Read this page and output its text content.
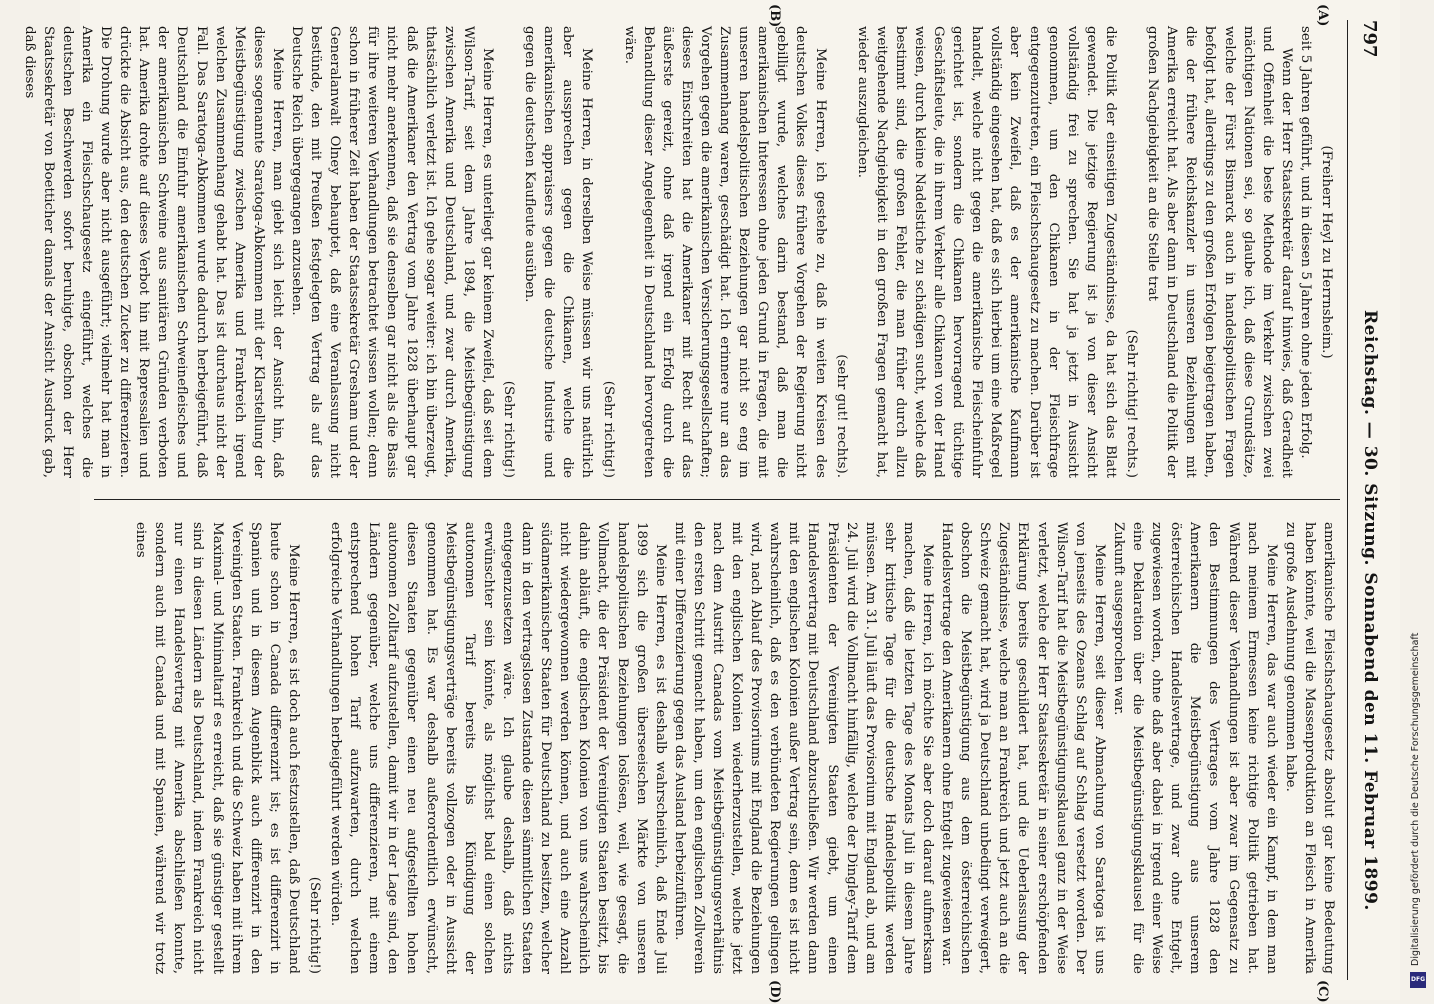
797
Reichstag. — 30. Sitzung. Sonnabend den 11. Februar 1899.
(A)
(B)
(C)
(D)

(Freiherr Heyl zu Herrnsheim.)

seit 5 Jahren geführt, und in diesen 5 Jahren ohne jeden Erfolg.

Wenn der Herr Staatssekretär darauf hinwies, daß Geradheit und Offenheit die beste Methode im Verkehr zwischen zwei mächtigen Nationen sei, so glaube ich, daß diese Grundsätze, welche der Fürst Bismarck auch in handelspolitischen Fragen befolgt hat, allerdings zu den großen Erfolgen beigetragen haben, die der frühere Reichskanzler in unseren Beziehungen mit Amerika erreicht hat. Als aber dann in Deutschland die Politik der großen Nachgiebigkeit an die Stelle trat

(Sehr richtig! rechts.)

die Politik der einseitigen Zugeständnisse, da hat sich das Blatt gewendet. Die jetzige Regierung ist ja von dieser Ansicht vollständig frei zu sprechen. Sie hat ja jetzt in Aussicht genommen, um den Chikanen in der Fleischfrage entgegenzutreten, ein Fleischschaugesetz zu machen. Darüber ist aber kein Zweifel, daß es der amerikanische Kaufmann vollständig eingesehen hat, daß es sich hierbei um eine Maßregel handelt, welche nicht gegen die amerikanische Fleischeinfuhr gerichtet ist, sondern die Chikanen hervorragend tüchtige Geschäftsleute, die in ihrem Verkehr alle Chikanen von der Hand weisen, durch kleine Nadelstiche zu schädigen sucht, welche daß bestimmt sind, die großen Fehler, die man früher durch allzu weitgehende Nachgiebigkeit in den großen Fragen gemacht hat, wieder auszugleichen.

(sehr gut! rechts).

Meine Herren, ich gestehe zu, daß in weiten Kreisen des deutschen Volkes dieses frühere Vorgehen der Regierung nicht gebilligt wurde, welches darin bestand, daß man die amerikanischen Interessen ohne jeden Grund in Fragen, die mit unseren handelspolitischen Beziehungen gar nicht so eng im Zusammenhang waren, geschädigt hat. Ich erinnere nur an das Vorgehen gegen die amerikanischen Versicherungsgesellschaften; dieses Einschreiten hat die Amerikaner mit Recht auf das äußerste gereizt, ohne daß irgend ein Erfolg durch die Behandlung dieser Angelegenheit in Deutschland hervorgetreten wäre.

(Sehr richtig!)

Meine Herren, in derselben Weise müssen wir uns natürlich aber aussprechen gegen die Chikanen, welche die amerikanischen appraisers gegen die deutsche Industrie und gegen die deutschen Kaufleute ausüben.

(Sehr richtig!)

Meine Herren, es unterliegt gar keinem Zweifel, daß seit dem Wilson-Tarif, seit dem Jahre 1894, die Meistbegünstigung zwischen Amerika und Deutschland, und zwar durch Amerika, thatsächlich verletzt ist. Ich gehe sogar weiter: ich bin überzeugt, daß die Amerikaner den Vertrag vom Jahre 1828 überhaupt gar nicht mehr anerkennen, daß sie denselben gar nicht als die Basis für ihre weiteren Verhandlungen betrachtet wissen wollen; denn schon in früherer Zeit haben der Staatssekretär Gresham und der Generalanwalt Olney behauptet, daß eine Veranlassung nicht bestünde, den mit Preußen festgelegten Vertrag als auf das Deutsche Reich übergegangen anzusehen.

Meine Herren, man giebt sich leicht der Ansicht hin, daß dieses sogenannte Saratoga-Abkommen mit der Klarstellung der Meistbegünstigung zwischen Amerika und Frankreich irgend welchen Zusammenhang gehabt hat. Das ist durchaus nicht der Fall. Das Saratoga-Abkommen wurde dadurch herbeigeführt, daß Deutschland die Einfuhr amerikanischen Schweinefleisches und der amerikanischen Schweine aus sanitären Gründen verboten hat. Amerika drohte auf dieses Verbot hin mit Repressalien und drückte die Absicht aus, den deutschen Zucker zu differenzieren. Die Drohung wurde aber nicht ausgeführt; vielmehr hat man in Amerika ein Fleischschaugesetz eingeführt, welches die deutschen Beschwerden sofort beruhigte, obschon der Herr Staatssekretär von Boetticher damals der Ansicht Ausdruck gab, daß dieses

amerikanische Fleischschaugesetz absolut gar keine Bedeutung haben könnte, weil die Massenproduktion an Fleisch in Amerika zu große Ausdehnung genommen habe.

Meine Herren, das war auch wieder ein Kampf, in dem man nach meinem Ermessen keine richtige Politik getrieben hat. Während dieser Verhandlungen ist aber zwar im Gegensatz zu den Bestimmungen des Vertrages vom Jahre 1828 den Amerikanern die Meistbegünstigung aus unserem österreichischen Handelsvertrage, und zwar ohne Entgelt, zugewiesen worden, ohne daß aber dabei in irgend einer Weise eine Deklaration über die Meistbegünstigungsklausel für die Zukunft ausgesprochen war.

Meine Herren, seit dieser Abmachung von Saratoga ist uns von jenseits des Ozeans Schlag auf Schlag versetzt worden. Der Wilson-Tarif hat die Meistbegünstigungsklausel ganz in der Weise verletzt, welche der Herr Staatssekretär in seiner erschöpfenden Erklärung bereits geschildert hat, und die Ueberlassung der Zugeständnisse, welche man an Frankreich und jetzt auch an die Schweiz gemacht hat, wird ja Deutschland unbedingt verweigert, obschon die Meistbegünstigung aus dem österreichischen Handelsvertrage den Amerikanern ohne Entgelt zugewiesen war.

Meine Herren, ich möchte Sie aber doch darauf aufmerksam machen, daß die letzten Tage des Monats Juli in diesem Jahre sehr kritische Tage für die deutsche Handelspolitik werden müssen. Am 31. Juli läuft das Provisorium mit England ab, und am 24. Juli wird die Vollmacht hinfällig, welche der Dingley-Tarif dem Präsidenten der Vereinigten Staaten giebt, um einen Handelsvertrag mit Deutschland abzuschließen. Wir werden dann mit den englischen Kolonien außer Vertrag sein, denn es ist nicht wahrscheinlich, daß es den verbündeten Regierungen gelingen wird, nach Ablauf des Provisoriums mit England die Beziehungen mit den englischen Kolonien wiederherzustellen, welche jetzt nach dem Austritt Canadas vom Meistbegünstigungsverhältnis den ersten Schritt gemacht haben, um den englischen Zollverein mit einer Differenzierung gegen das Ausland herbeizuführen.

Meine Herren, es ist deshalb wahrscheinlich, daß Ende Juli 1899 sich die großen überseeischen Märkte von unseren handelspolitischen Beziehungen loslösen, weil, wie gesagt, die Vollmacht, die der Präsident der Vereinigten Staaten besitzt, bis dahin abläuft, die englischen Kolonien von uns wahrscheinlich nicht wiedergewonnen werden können, und auch eine Anzahl südamerikanischer Staaten für Deutschland zu besitzen, welcher dann in den vertragslosen Zustande diesen sämmtlichen Staaten entgegenzusetzen wäre. Ich glaube deshalb, daß nichts erwünschter sein könnte, als möglichst bald einen solchen autonomen Tarif bereits bis Kündigung der Meistbegünstigungsverträge bereits vollzogen oder in Aussicht genommen hat. Es war deshalb außerordentlich erwünscht, diesen Staaten gegenüber einen neu aufgestellten hohen autonomen Zolltarif aufzustellen, damit wir in der Lage sind, den Ländern gegenüber, welche uns differenzieren, mit einem entsprechend hohen Tarif aufzuwarten, durch welchen erfolgreiche Verhandlungen herbeigeführt werden würden.

(Sehr richtig!)

Meine Herren, es ist doch auch festzustellen, daß Deutschland heute schon in Canada differenzirt ist; es ist differenzirt in Spanien und in diesem Augenblick auch differenzirt in den Vereinigten Staaten. Frankreich und die Schweiz haben mit ihrem Maximal- und Minimaltarif es erreicht, daß sie günstiger gestellt sind in diesen Ländern als Deutschland, indem Frankreich nicht nur einen Handelsvertrag mit Amerika abschließen konnte, sondern auch mit Canada und mit Spanien, während wir trotz eines

Digitalisierung gefördert durch die Deutsche Forschungsgemeinschaft
DFG
